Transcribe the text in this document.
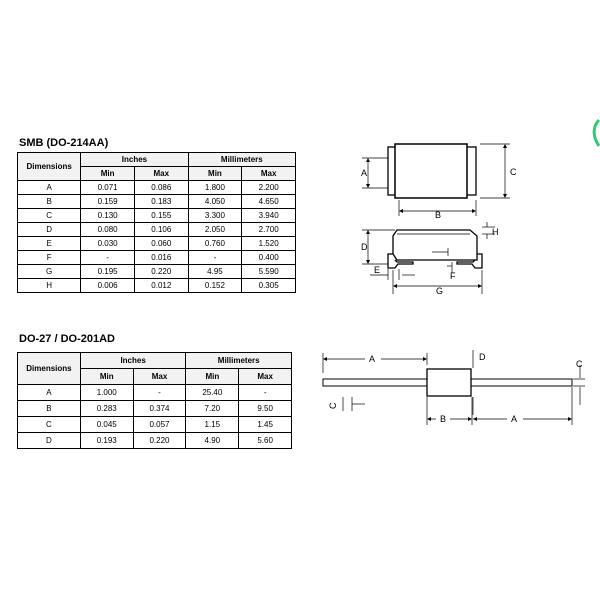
SMB (DO-214AA)
Dimensions	Inches		Millimeters	
	Min	Max	Min	Max
A	0.071	0.086	1.800	2.200
B	0.159	0.183	4.050	4.650
C	0.130	0.155	3.300	3.940
D	0.080	0.106	2.050	2.700
E	0.030	0.060	0.760	1.520
F	-	0.016	-	0.400
G	0.195	0.220	4.95	5.590
H	0.006	0.012	0.152	0.305
DO-27 / DO-201AD
Dimensions	Inches		Millimeters	
	Min	Max	Min	Max
A	1.000	-	25.40	-
B	0.283	0.374	7.20	9.50
C	0.045	0.057	1.15	1.45
D	0.193	0.220	4.90	5.60
A	C
B
D
H
F
E
G
A	D
C
C
B	A
